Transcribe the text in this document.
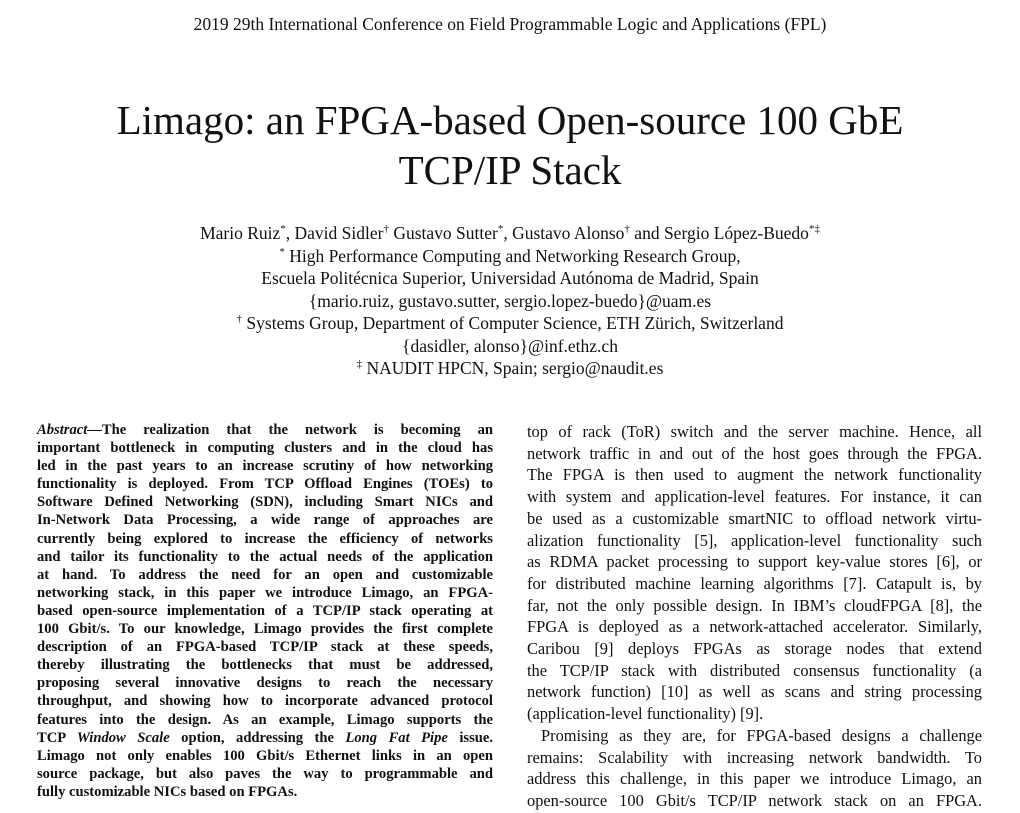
2019 29th International Conference on Field Programmable Logic and Applications (FPL)
Limago: an FPGA-based Open-source 100 GbE
TCP/IP Stack
Mario Ruiz*, David Sidler† Gustavo Sutter*, Gustavo Alonso† and Sergio López-Buedo*‡
* High Performance Computing and Networking Research Group,
Escuela Politécnica Superior, Universidad Autónoma de Madrid, Spain
{mario.ruiz, gustavo.sutter, sergio.lopez-buedo}@uam.es
† Systems Group, Department of Computer Science, ETH Zürich, Switzerland
{dasidler, alonso}@inf.ethz.ch
‡ NAUDIT HPCN, Spain; sergio@naudit.es
Abstract—The realization that the network is becoming an
important bottleneck in computing clusters and in the cloud has
led in the past years to an increase scrutiny of how networking
functionality is deployed. From TCP Offload Engines (TOEs) to
Software Defined Networking (SDN), including Smart NICs and
In-Network Data Processing, a wide range of approaches are
currently being explored to increase the efficiency of networks
and tailor its functionality to the actual needs of the application
at hand. To address the need for an open and customizable
networking stack, in this paper we introduce Limago, an FPGA-
based open-source implementation of a TCP/IP stack operating at
100 Gbit/s. To our knowledge, Limago provides the first complete
description of an FPGA-based TCP/IP stack at these speeds,
thereby illustrating the bottlenecks that must be addressed,
proposing several innovative designs to reach the necessary
throughput, and showing how to incorporate advanced protocol
features into the design. As an example, Limago supports the
TCP Window Scale option, addressing the Long Fat Pipe issue.
Limago not only enables 100 Gbit/s Ethernet links in an open
source package, but also paves the way to programmable and
fully customizable NICs based on FPGAs.
top of rack (ToR) switch and the server machine. Hence, all
network traffic in and out of the host goes through the FPGA.
The FPGA is then used to augment the network functionality
with system and application-level features. For instance, it can
be used as a customizable smartNIC to offload network virtu-
alization functionality [5], application-level functionality such
as RDMA packet processing to support key-value stores [6], or
for distributed machine learning algorithms [7]. Catapult is, by
far, not the only possible design. In IBM’s cloudFPGA [8], the
FPGA is deployed as a network-attached accelerator. Similarly,
Caribou [9] deploys FPGAs as storage nodes that extend
the TCP/IP stack with distributed consensus functionality (a
network function) [10] as well as scans and string processing
(application-level functionality) [9].
Promising as they are, for FPGA-based designs a challenge
remains: Scalability with increasing network bandwidth. To
address this challenge, in this paper we introduce Limago, an
open-source 100 Gbit/s TCP/IP network stack on an FPGA.
